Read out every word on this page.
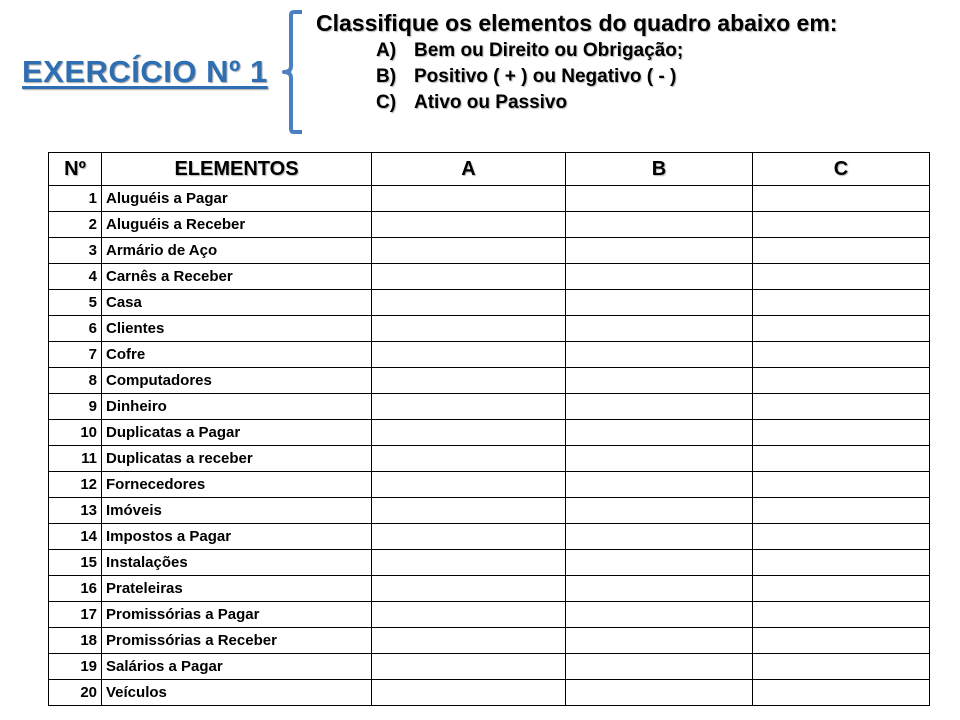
EXERCÍCIO Nº 1
Classifique os elementos do quadro abaixo em:
A) Bem ou Direito ou Obrigação;
B) Positivo ( + ) ou Negativo ( - )
C) Ativo ou Passivo
Nº	ELEMENTOS	A	B	C
1	Aluguéis a Pagar			
2	Aluguéis a Receber			
3	Armário de Aço			
4	Carnês a Receber			
5	Casa			
6	Clientes			
7	Cofre			
8	Computadores			
9	Dinheiro			
10	Duplicatas a Pagar			
11	Duplicatas a receber			
12	Fornecedores			
13	Imóveis			
14	Impostos a Pagar			
15	Instalações			
16	Prateleiras			
17	Promissórias a Pagar			
18	Promissórias a Receber			
19	Salários a Pagar			
20	Veículos			
